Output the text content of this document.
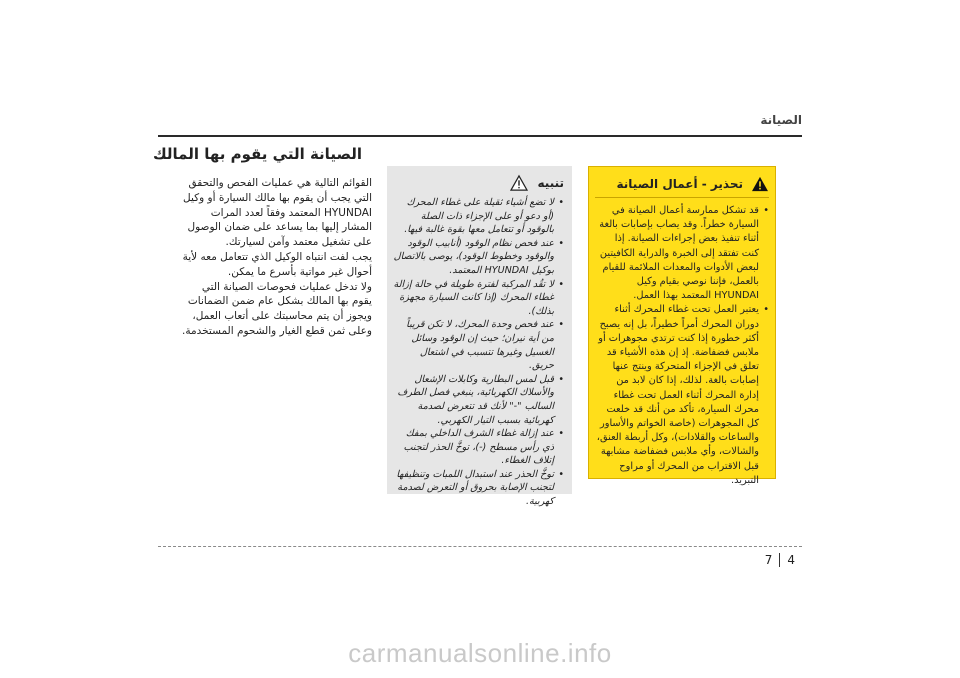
الصيانة
الصيانة التي يقوم بها المالك

القوائم التالية هي عمليات الفحص والتحقق التي يجب أن يقوم بها مالك السيارة أو وكيل HYUNDAI المعتمد وفقاً لعدد المرات المشار إليها بما يساعد على ضمان الوصول على تشغيل معتمد وآمن لسيارتك.

يجب لفت انتباه الوكيل الذي تتعامل معه لأية أحوال غير مواتية بأسرع ما يمكن.

ولا تدخل عمليات فحوصات الصيانة التي يقوم بها المالك بشكل عام ضمن الضمانات ويجوز أن يتم محاسبتك على أتعاب العمل، وعلى ثمن قطع الغيار والشحوم المستخدمة.

تنبيه
• لا تضع أشياء ثقيلة على غطاء المحرك (أو دعو أو على الإجزاء ذات الصلة بالوقود أو تتعامل معها بقوة غالبة فيها.
• عند فحص نظام الوقود (أنابيب الوقود والوقود وخطوط الوقود)، يوصى بالاتصال بوكيل HYUNDAI المعتمد.
• لا تقُد المركبة لفترة طويلة في حالة إزالة غطاء المحرك (إذا كانت السيارة مجهزة بذلك).
• عند فحص وحدة المحرك، لا تكن قريباً من أية نيران؛ حيث إن الوقود وسائل الغسيل وغيرها تتسبب في اشتعال حريق.
• قبل لمس البطارية وكابلات الإشعال والأسلاك الكهربائية، ينبغي فصل الطرف السالب "-" لأنك قد تتعرض لصدمة كهربائية بسبب التيار الكهربي.
• عند إزالة غطاء الشرف الداخلي بمفك ذي رأس مسطح (-)، توخَّ الحذر لتجنب إتلاف الغطاء.
• توخَّ الحذر عند استبدال اللمبات وتنظيفها لتجنب الإصابة بحروق أو التعرض لصدمة كهربية.
تحذير - أعمال الصيانة
• قد تشكل ممارسة أعمال الصيانة في السيارة خطراً. وقد يصاب بإصابات بالغة أثناء تنفيذ بعض إجراءات الصيانة. إذا كنت تفتقد إلى الخبرة والدراية الكافيتين لبعض الأدوات والمعدات الملائمة للقيام بالعمل، فإننا نوصي بقيام وكيل HYUNDAI المعتمد بهذا العمل.
• يعتبر العمل تحت غطاء المحرك أثناء دوران المحرك أمراً خطيراً، بل إنه يصبح أكثر خطورة إذا كنت ترتدي مجوهرات أو ملابس فضفاضة. إذ إن هذه الأشياء قد تعلق في الإجزاء المتحركة وينتج عنها إصابات بالغة. لذلك، إذا كان لابد من إدارة المحرك أثناء العمل تحت غطاء محرك السيارة، تأكد من أنك قد خلعت كل المجوهرات (خاصة الخواتم والأساور والساعات والقلادات)، وكل أربطة العنق، والشالات، وأي ملابس فضفاضة مشابهة قبل الاقتراب من المحرك أو مراوح التبريد.
7 4
carmanualsonline.info
